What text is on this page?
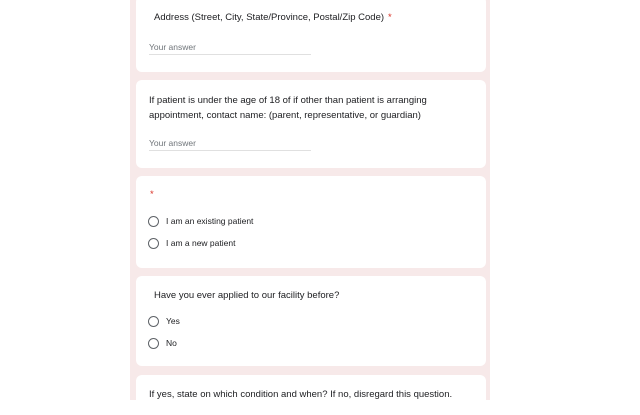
Address (Street, City, State/Province, Postal/Zip Code) *
Your answer
If patient is under the age of 18 of if other than patient is arranging appointment, contact name: (parent, representative, or guardian)
Your answer
*
I am an existing patient
I am a new patient
Have you ever applied to our facility before?
Yes
No
If yes, state on which condition and when? If no, disregard this question.
